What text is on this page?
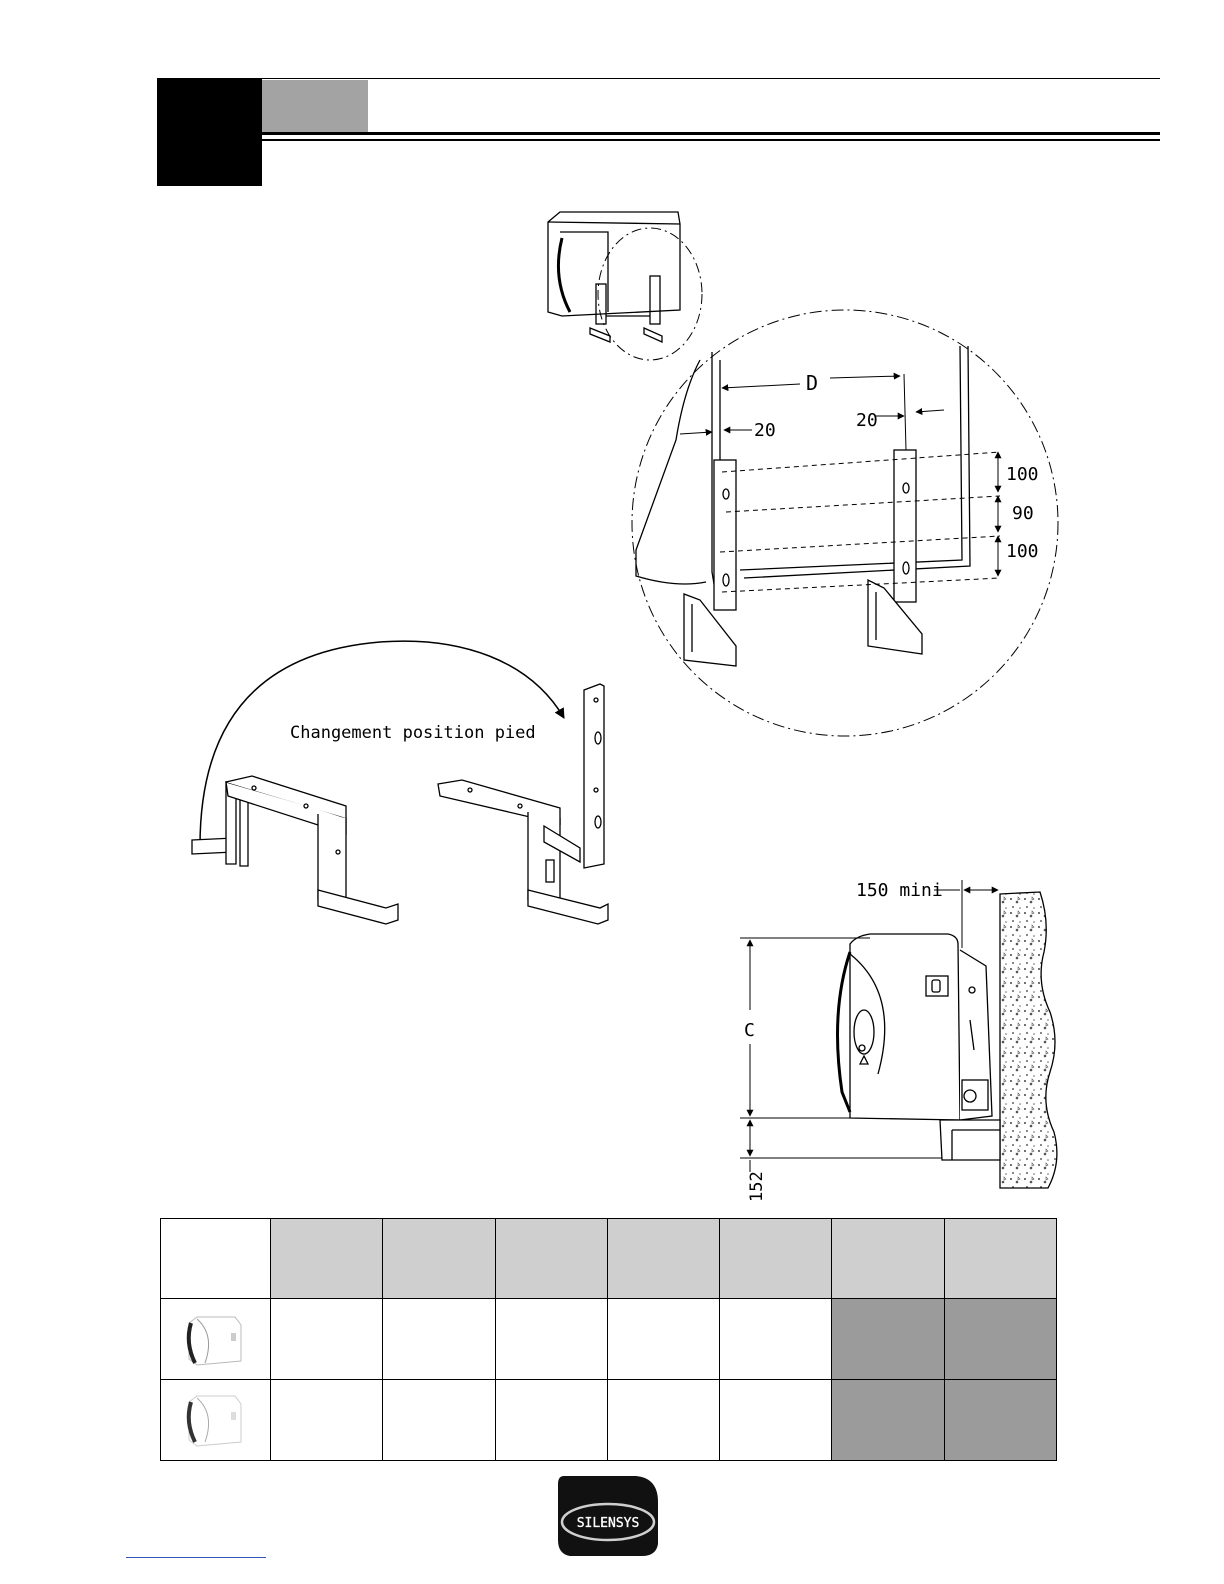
D
20	20
100
90
100
Changement position pied
150 mini
C
152

SILENSYS
